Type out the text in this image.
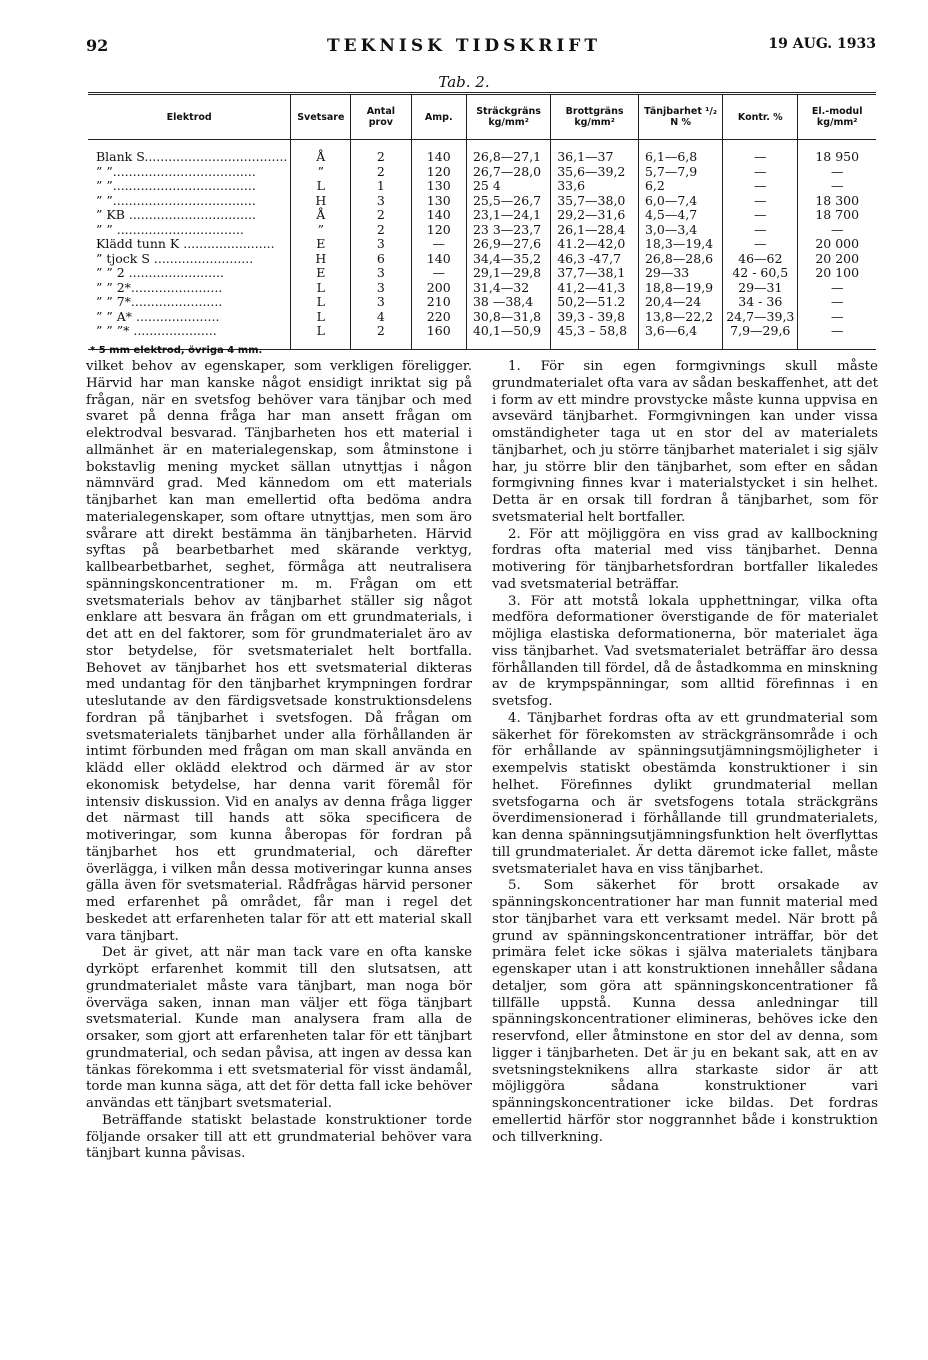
92	TEKNISK TIDSKRIFT	19 AUG. 1933
Tab. 2.
Elektrod	Svetsare	Antal prov	Amp.	Sträckgräns kg/mm²	Brottgräns kg/mm²	Tänjbarhet ¹/₂ N %	Kontr. %	El.-modul kg/mm²

Blank S....................................	Å	2	140	26,8—27,1	36,1—37	6,1—6,8	—	18 950
” ”....................................	”	2	120	26,7—28,0	35,6—39,2	5,7—7,9	—	—
” ”....................................	L	1	130	25 4	33,6	6,2	—	—
” ”....................................	H	3	130	25,5—26,7	35,7—38,0	6,0—7,4	—	18 300
” KB ................................	Å	2	140	23,1—24,1	29,2—31,6	4,5—4,7	—	18 700
” ” ................................	”	2	120	23 3—23,7	26,1—28,4	3,0—3,4	—	—
Klädd tunn K .......................	E	3	—	26,9—27,6	41.2—42,0	18,3—19,4	—	20 000
” tjock S .........................	H	6	140	34,4—35,2	46,3 -47,7	26,8—28,6	46—62	20 200
” ” 2 ........................	E	3	—	29,1—29,8	37,7—38,1	29—33	42 - 60,5	20 100
” ” 2*.......................	L	3	200	31,4—32	41,2—41,3	18,8—19,9	29—31	—
” ” 7*.......................	L	3	210	38 —38,4	50,2—51.2	20,4—24	34 - 36	—
” ” A* .....................	L	4	220	30,8—31,8	39,3 - 39,8	13,8—22,2	24,7—39,3	—
” ” ”* .....................	L	2	160	40,1—50,9	45,3 – 58,8	3,6—6,4	7,9—29,6	—

* 5 mm elektrod, övriga 4 mm.

vilket behov av egenskaper, som verkligen föreligger. Härvid har man kanske något ensidigt inriktat sig på frågan, när en svetsfog behöver vara tänjbar och med svaret på denna fråga har man ansett frågan om elektrodval besvarad. Tänjbarheten hos ett material i allmänhet är en materialegenskap, som åtminstone i bokstavlig mening mycket sällan utnyttjas i någon nämnvärd grad. Med kännedom om ett materials tänjbarhet kan man emellertid ofta bedöma andra materialegenskaper, som oftare utnyttjas, men som äro svårare att direkt bestämma än tänjbarheten. Härvid syftas på bearbetbarhet med skärande verktyg, kallbearbetbarhet, seghet, förmåga att neutralisera spänningskoncentrationer m. m. Frågan om ett svetsmaterials behov av tänjbarhet ställer sig något enklare att besvara än frågan om ett grundmaterials, i det att en del faktorer, som för grundmaterialet äro av stor betydelse, för svetsmaterialet helt bortfalla. Behovet av tänjbarhet hos ett svetsmaterial dikteras med undantag för den tänjbarhet krympningen fordrar uteslutande av den färdigsvetsade konstruktionsdelens fordran på tänjbarhet i svetsfogen. Då frågan om svetsmaterialets tänjbarhet under alla förhållanden är intimt förbunden med frågan om man skall använda en klädd eller oklädd elektrod och därmed är av stor ekonomisk betydelse, har denna varit föremål för intensiv diskussion. Vid en analys av denna fråga ligger det närmast till hands att söka specificera de motiveringar, som kunna åberopas för fordran på tänjbarhet hos ett grundmaterial, och därefter överlägga, i vilken mån dessa motiveringar kunna anses gälla även för svetsmaterial. Rådfrågas härvid personer med erfarenhet på området, får man i regel det beskedet att erfarenheten talar för att ett material skall vara tänjbart.

Det är givet, att när man tack vare en ofta kanske dyrköpt erfarenhet kommit till den slutsatsen, att grundmaterialet måste vara tänjbart, man noga bör överväga saken, innan man väljer ett föga tänjbart svetsmaterial. Kunde man analysera fram alla de orsaker, som gjort att erfarenheten talar för ett tänjbart grundmaterial, och sedan påvisa, att ingen av dessa kan tänkas förekomma i ett svetsmaterial för visst ändamål, torde man kunna säga, att det för detta fall icke behöver användas ett tänjbart svetsmaterial.

Beträffande statiskt belastade konstruktioner torde följande orsaker till att ett grundmaterial behöver vara tänjbart kunna påvisas.

1. För sin egen formgivnings skull måste grundmaterialet ofta vara av sådan beskaffenhet, att det i form av ett mindre provstycke måste kunna uppvisa en avsevärd tänjbarhet. Formgivningen kan under vissa omständigheter taga ut en stor del av materialets tänjbarhet, och ju större tänjbarhet materialet i sig själv har, ju större blir den tänjbarhet, som efter en sådan formgivning finnes kvar i materialstycket i sin helhet. Detta är en orsak till fordran å tänjbarhet, som för svetsmaterial helt bortfaller.

2. För att möjliggöra en viss grad av kallbockning fordras ofta material med viss tänjbarhet. Denna motivering för tänjbarhetsfordran bortfaller likaledes vad svetsmaterial beträffar.

3. För att motstå lokala upphettningar, vilka ofta medföra deformationer överstigande de för materialet möjliga elastiska deformationerna, bör materialet äga viss tänjbarhet. Vad svetsmaterialet beträffar äro dessa förhållanden till fördel, då de åstadkomma en minskning av de krympspänningar, som alltid förefinnas i en svetsfog.

4. Tänjbarhet fordras ofta av ett grundmaterial som säkerhet för förekomsten av sträckgränsområde i och för erhållande av spänningsutjämningsmöjligheter i exempelvis statiskt obestämda konstruktioner i sin helhet. Förefinnes dylikt grundmaterial mellan svetsfogarna och är svetsfogens totala sträckgräns överdimensionerad i förhållande till grundmaterialets, kan denna spänningsutjämningsfunktion helt överflyttas till grundmaterialet. Är detta däremot icke fallet, måste svetsmaterialet hava en viss tänjbarhet.

5. Som säkerhet för brott orsakade av spänningskoncentrationer har man funnit material med stor tänjbarhet vara ett verksamt medel. När brott på grund av spänningskoncentrationer inträffar, bör det primära felet icke sökas i själva materialets tänjbara egenskaper utan i att konstruktionen innehåller sådana detaljer, som göra att spänningskoncentrationer få tillfälle uppstå. Kunna dessa anledningar till spänningskoncentrationer elimineras, behöves icke den reservfond, eller åtminstone en stor del av denna, som ligger i tänjbarheten. Det är ju en bekant sak, att en av svetsningsteknikens allra starkaste sidor är att möjliggöra sådana konstruktioner vari spänningskoncentrationer icke bildas. Det fordras emellertid härför stor noggrannhet både i konstruktion och tillverkning.
